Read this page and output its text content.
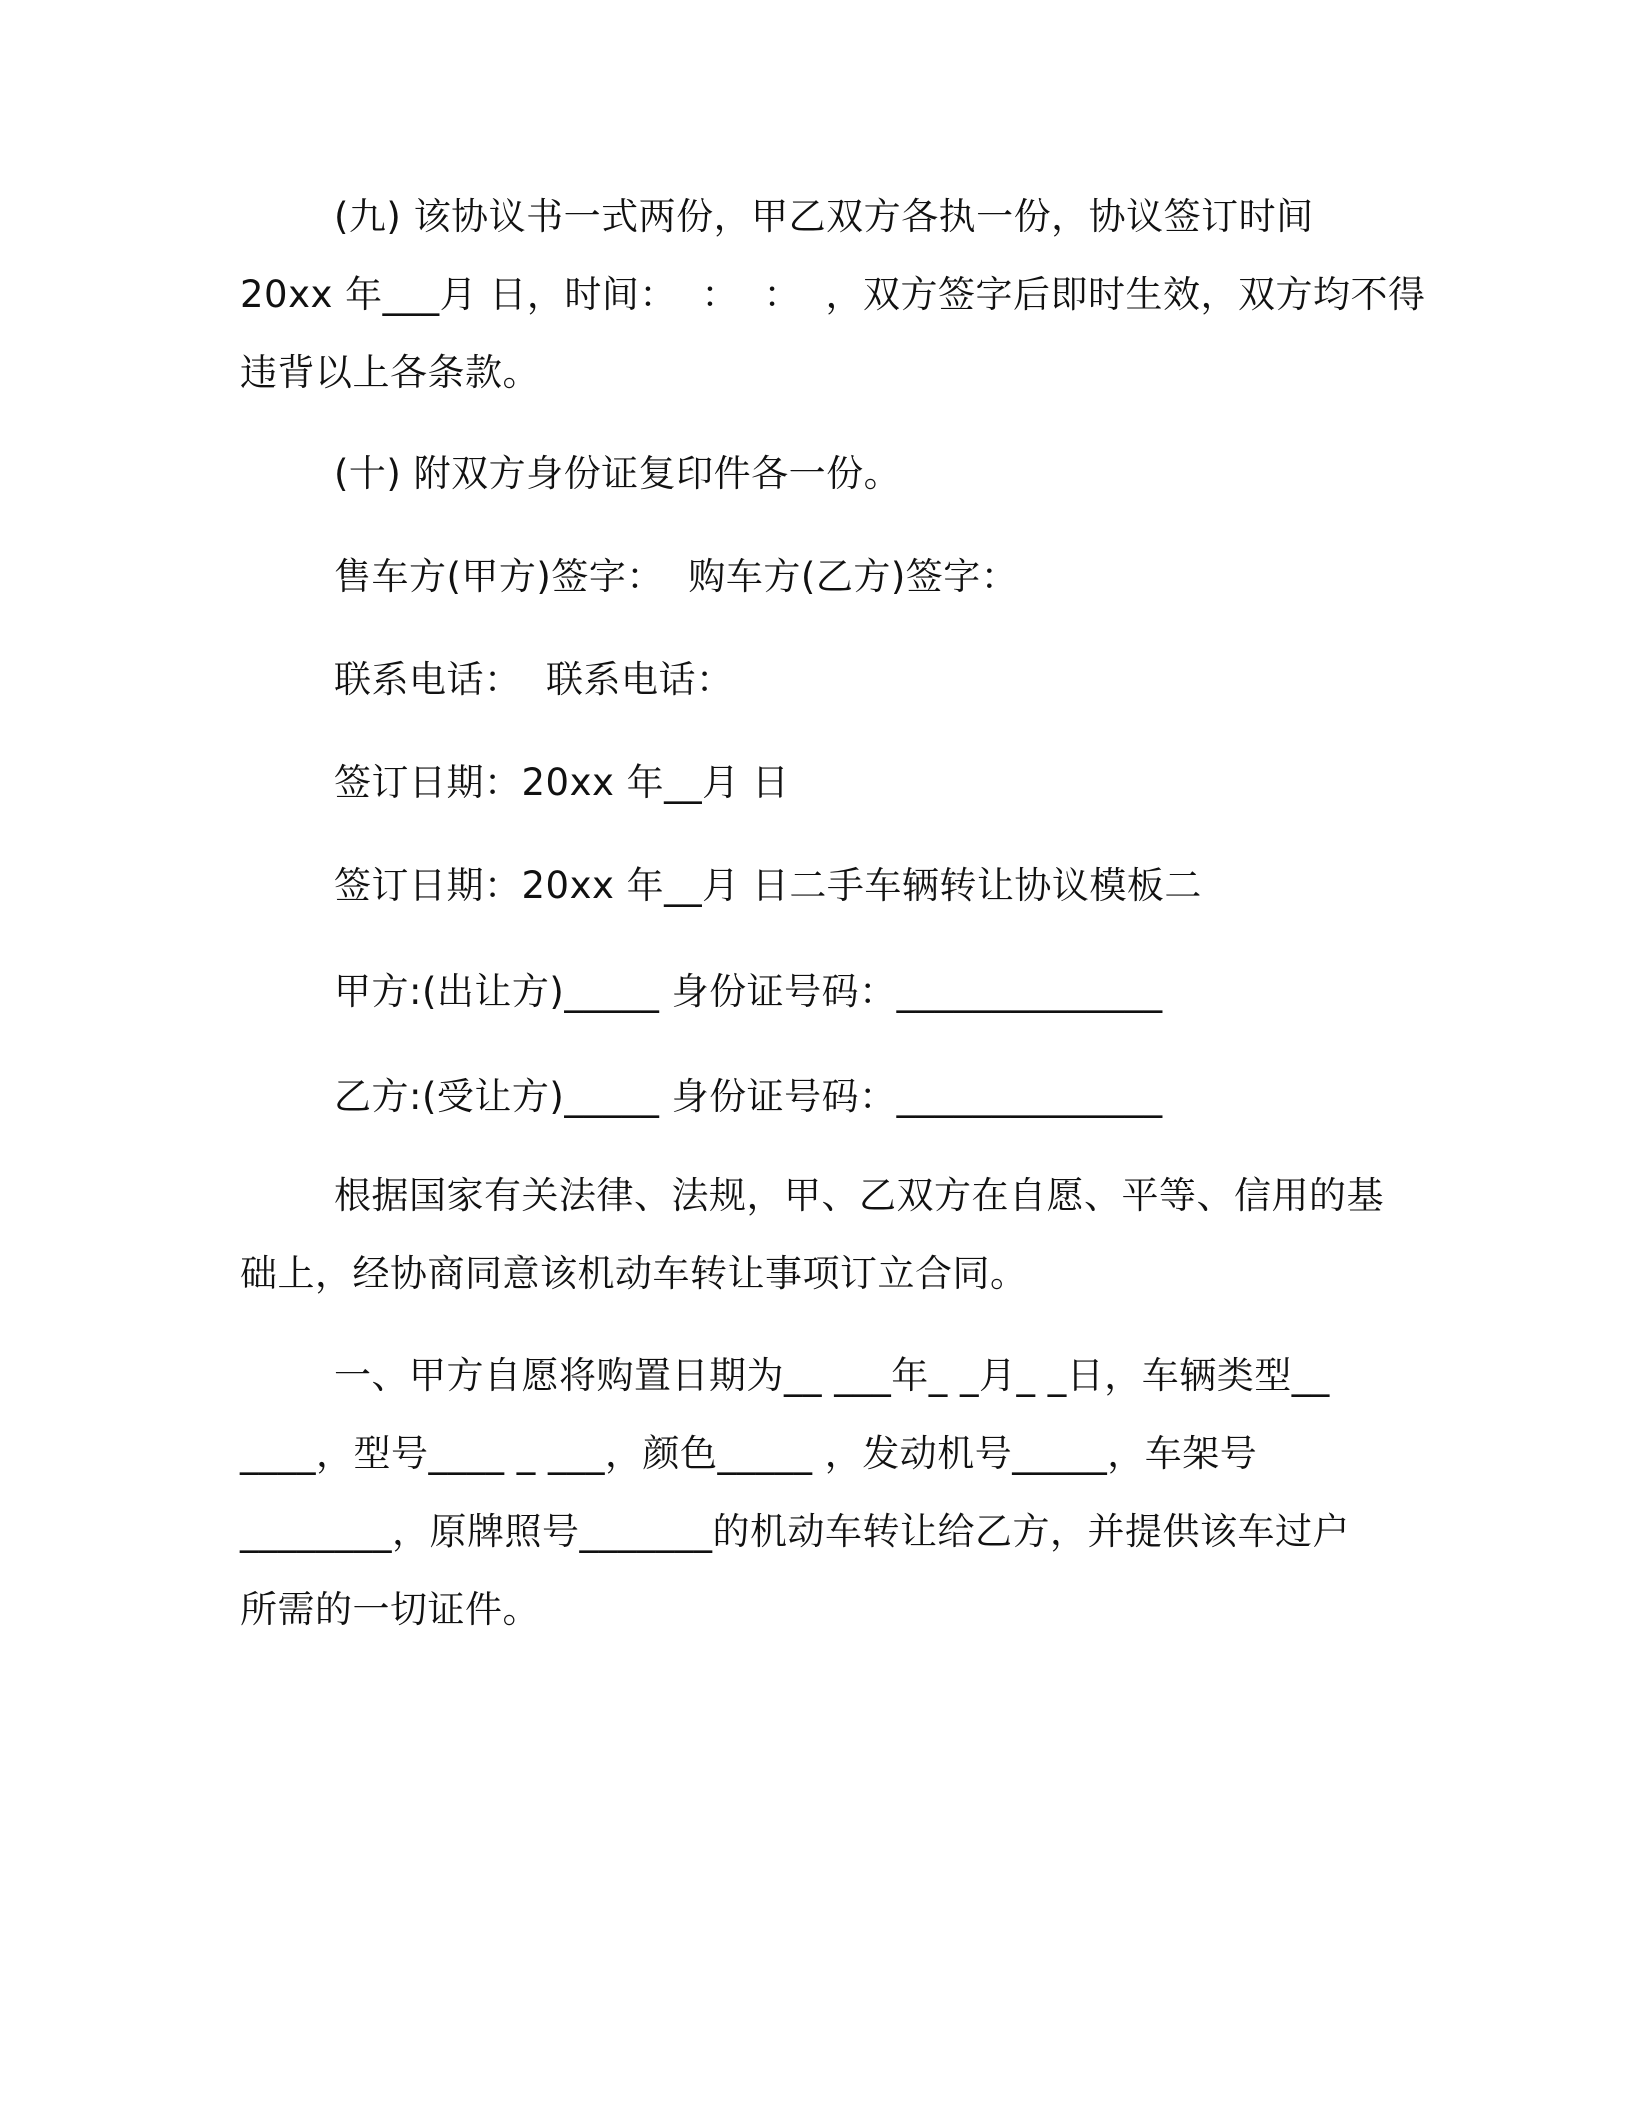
(九) 该协议书一式两份，甲乙双方各执一份，协议签订时间
20xx 年___月 日，时间：  ：  ：  ，双方签字后即时生效，双方均不得
违背以上各条款。
(十) 附双方身份证复印件各一份。
售车方(甲方)签字：  购车方(乙方)签字：
联系电话：  联系电话：
签订日期：20xx 年__月 日
签订日期：20xx 年__月 日二手车辆转让协议模板二
甲方:(出让方)_____ 身份证号码：______________
乙方:(受让方)_____ 身份证号码：______________
根据国家有关法律、法规，甲、乙双方在自愿、平等、信用的基
础上，经协商同意该机动车转让事项订立合同。
一、甲方自愿将购置日期为__ ___年_ _月_ _日，车辆类型__
____，型号____ _ ___，颜色_____ ，发动机号_____，车架号
________，原牌照号_______的机动车转让给乙方，并提供该车过户
所需的一切证件。
